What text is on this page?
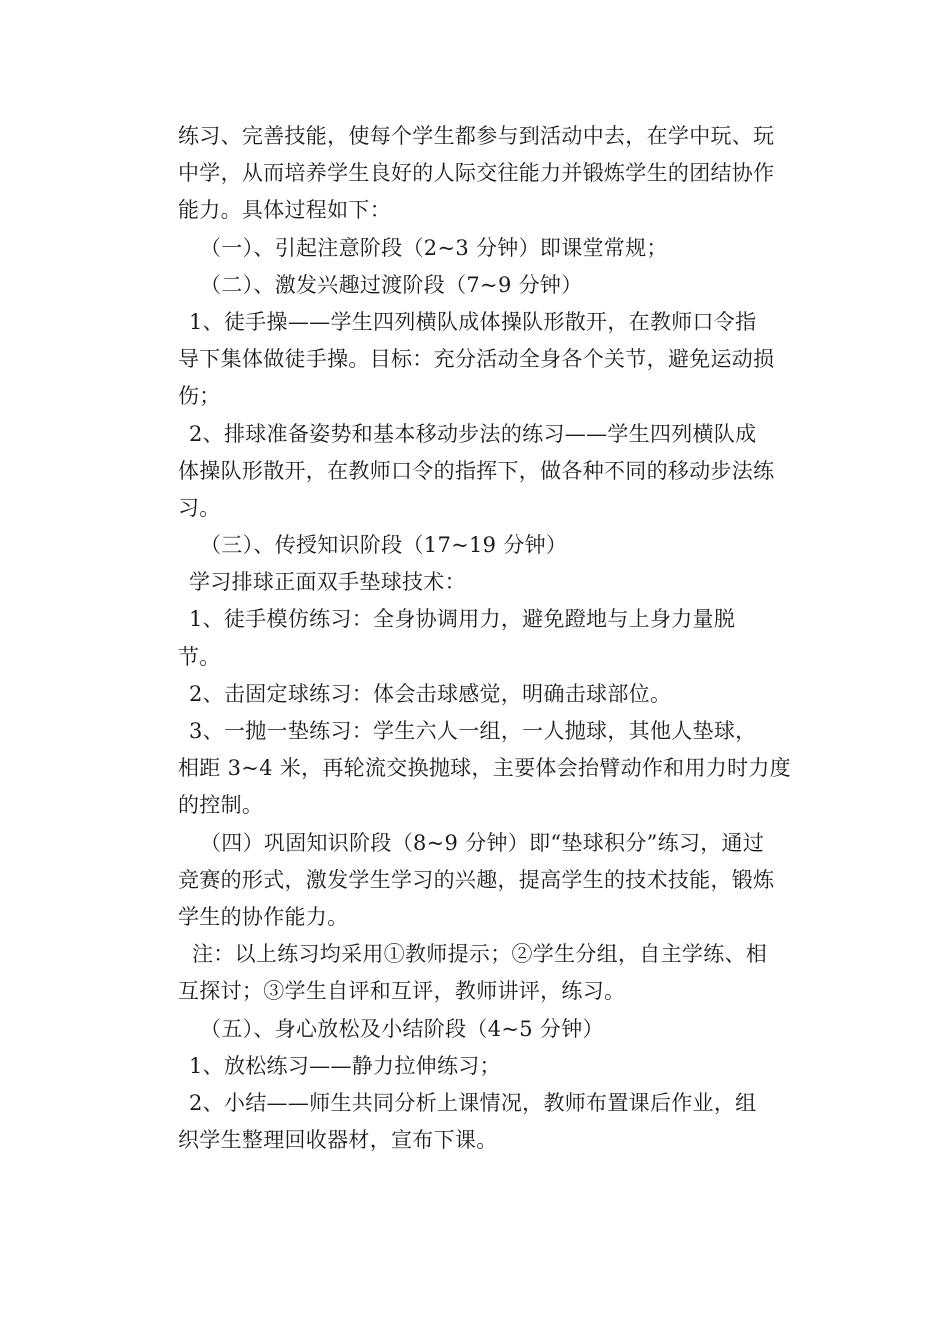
练习、完善技能，使每个学生都参与到活动中去，在学中玩、玩
中学，从而培养学生良好的人际交往能力并锻炼学生的团结协作
能力。具体过程如下：
（一）、引起注意阶段（2~3 分钟）即课堂常规；
（二）、激发兴趣过渡阶段（7~9 分钟）
1、徒手操——学生四列横队成体操队形散开，在教师口令指
导下集体做徒手操。目标：充分活动全身各个关节，避免运动损
伤；
2、排球准备姿势和基本移动步法的练习——学生四列横队成
体操队形散开，在教师口令的指挥下，做各种不同的移动步法练
习。
（三）、传授知识阶段（17~19 分钟）
学习排球正面双手垫球技术：
1、徒手模仿练习：全身协调用力，避免蹬地与上身力量脱
节。
2、击固定球练习：体会击球感觉，明确击球部位。
3、一抛一垫练习：学生六人一组，一人抛球，其他人垫球，
相距 3~4 米，再轮流交换抛球，主要体会抬臂动作和用力时力度
的控制。
（四）巩固知识阶段（8~9 分钟）即“垫球积分”练习，通过
竞赛的形式，激发学生学习的兴趣，提高学生的技术技能，锻炼
学生的协作能力。
注：以上练习均采用①教师提示；②学生分组，自主学练、相
互探讨；③学生自评和互评，教师讲评，练习。
（五）、身心放松及小结阶段（4~5 分钟）
1、放松练习——静力拉伸练习；
2、小结——师生共同分析上课情况，教师布置课后作业，组
织学生整理回收器材，宣布下课。
